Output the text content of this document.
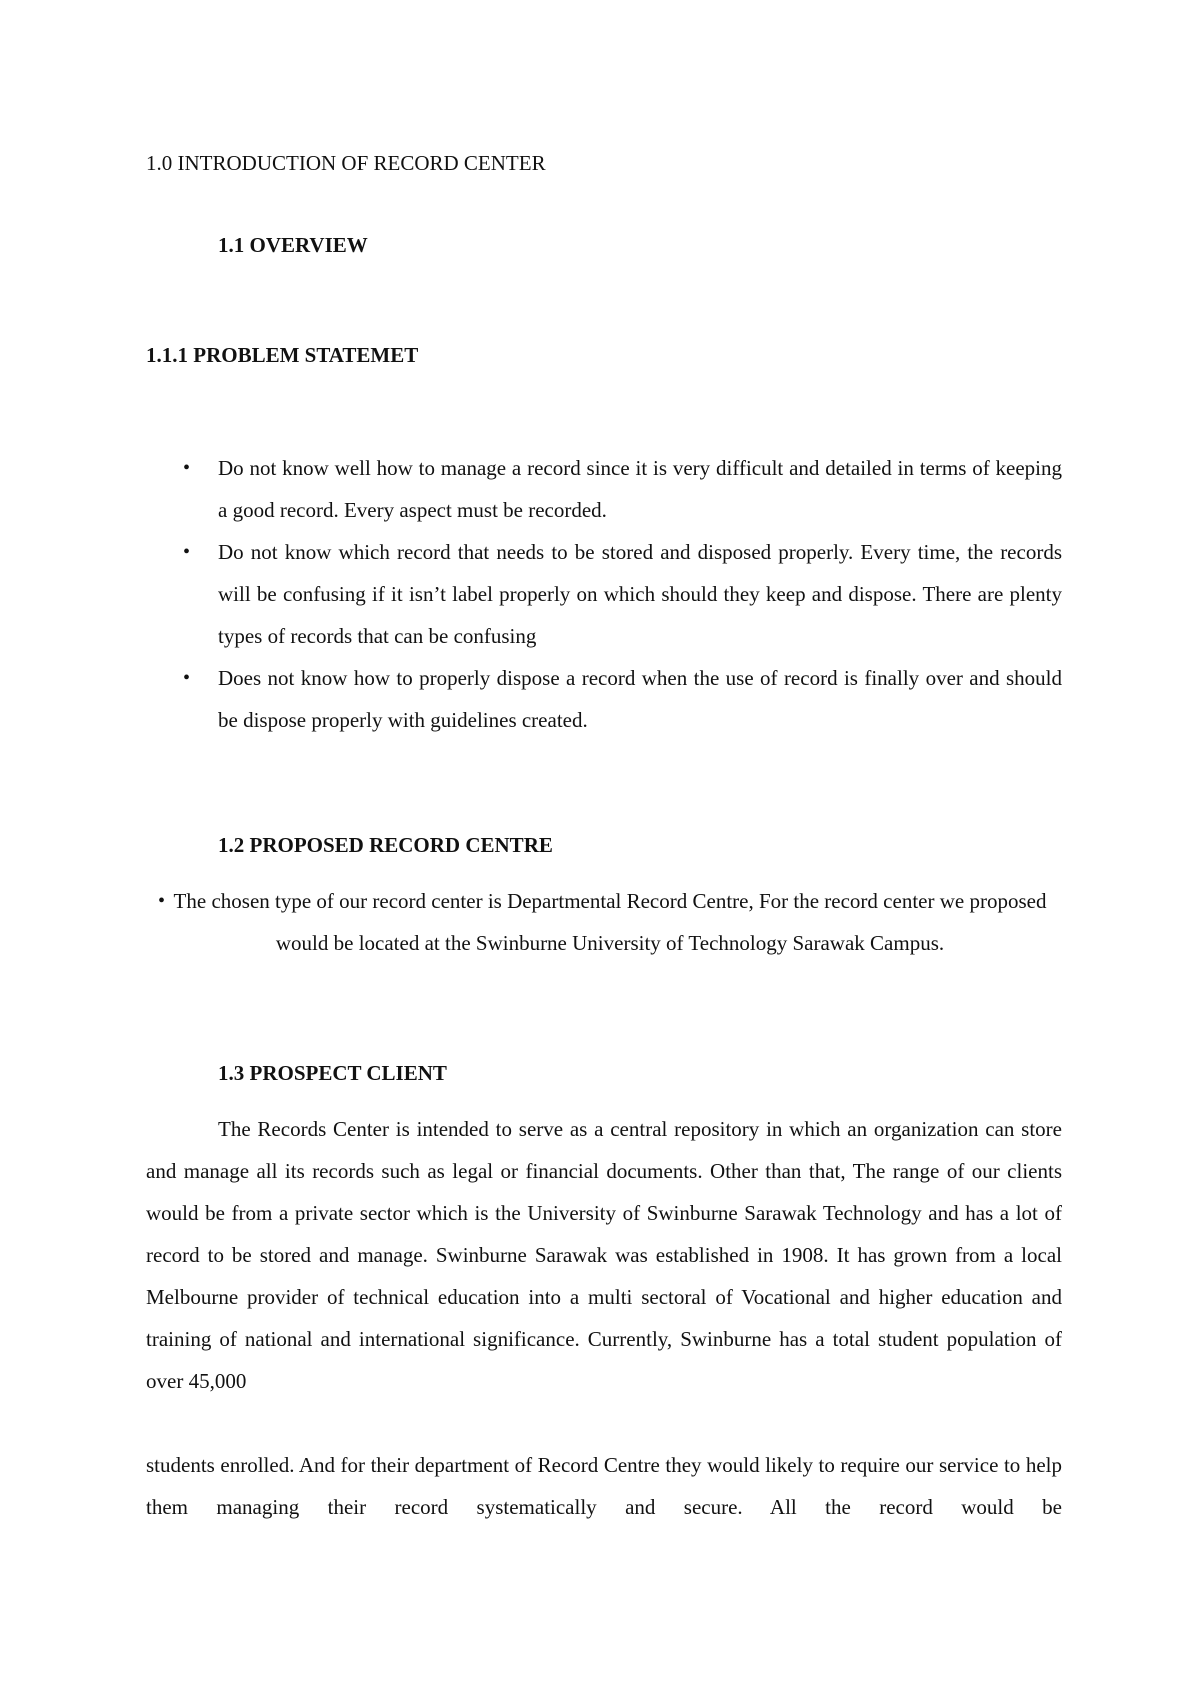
1.0 INTRODUCTION OF RECORD CENTER
1.1 OVERVIEW
1.1.1 PROBLEM STATEMET
• Do not know well how to manage a record since it is very difficult and detailed in terms of keeping a good record. Every aspect must be recorded.

• Do not know which record that needs to be stored and disposed properly. Every time, the records will be confusing if it isn’t label properly on which should they keep and dispose. There are plenty types of records that can be confusing

• Does not know how to properly dispose a record when the use of record is finally over and should be dispose properly with guidelines created.

1.2 PROPOSED RECORD CENTRE
• The chosen type of our record center is Departmental Record Centre, For the record center we proposed would be located at the Swinburne University of Technology Sarawak Campus.

1.3 PROSPECT CLIENT

The Records Center is intended to serve as a central repository in which an organization can store and manage all its records such as legal or financial documents. Other than that, The range of our clients would be from a private sector which is the University of Swinburne Sarawak Technology and has a lot of record to be stored and manage. Swinburne Sarawak was established in 1908. It has grown from a local Melbourne provider of technical education into a multi sectoral of Vocational and higher education and training of national and international significance. Currently, Swinburne has a total student population of over 45,000

students enrolled. And for their department of Record Centre they would likely to require our service to help them managing their record systematically and secure. All the record would be
